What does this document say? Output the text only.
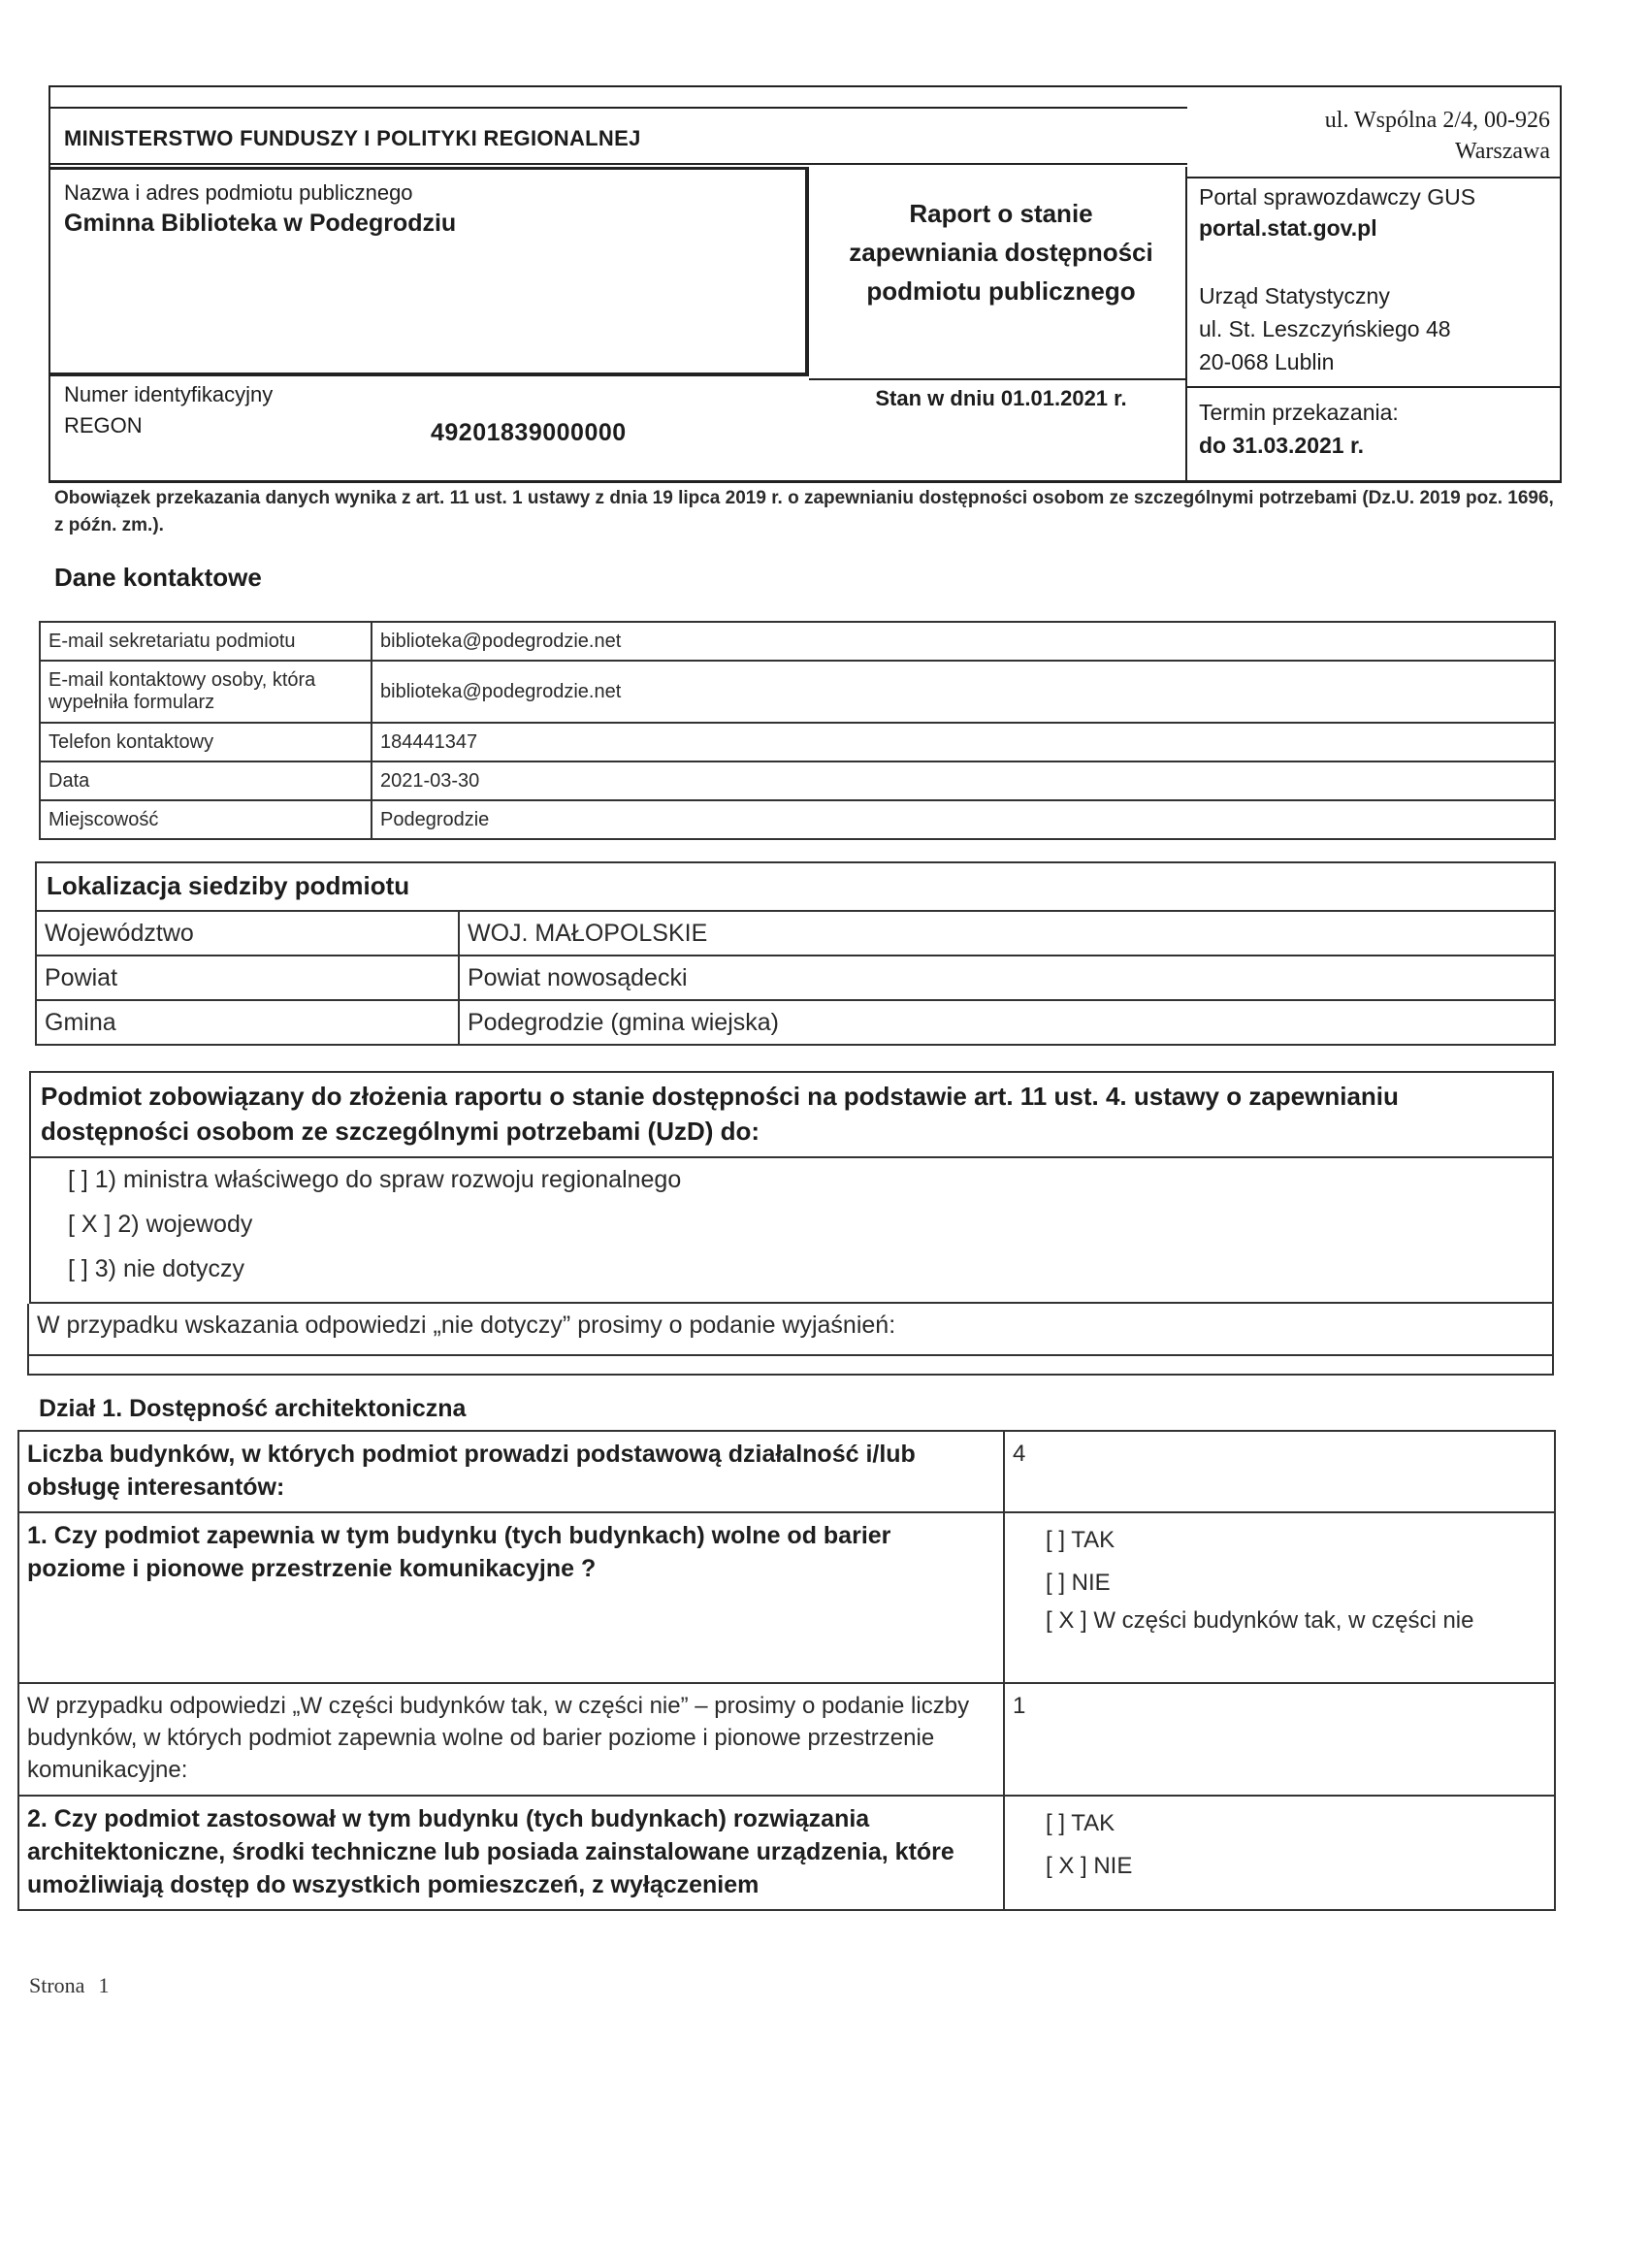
MINISTERSTWO FUNDUSZY I POLITYKI REGIONALNEJ
Nazwa i adres podmiotu publicznego
Gminna Biblioteka w Podegrodziu
Numer identyfikacyjny
REGON	49201839000000
Raport o stanie
zapewniania dostępności
podmiotu publicznego
Stan w dniu 01.01.2021 r.
ul. Wspólna 2/4, 00-926
Warszawa
Portal sprawozdawczy GUS
portal.stat.gov.pl
Urząd Statystyczny
ul. St. Leszczyńskiego 48
20-068 Lublin
Termin przekazania:
do 31.03.2021 r.
Obowiązek przekazania danych wynika z art. 11 ust. 1 ustawy z dnia 19 lipca 2019 r. o zapewnianiu dostępności osobom ze szczególnymi potrzebami (Dz.U. 2019 poz. 1696, z późn. zm.).
Dane kontaktowe
E-mail sekretariatu podmiotu	biblioteka@podegrodzie.net
E-mail kontaktowy osoby, która wypełniła formularz	biblioteka@podegrodzie.net
Telefon kontaktowy	184441347
Data	2021-03-30
Miejscowość	Podegrodzie
Lokalizacja siedziby podmiotu
Województwo	WOJ. MAŁOPOLSKIE
Powiat	Powiat nowosądecki
Gmina	Podegrodzie (gmina wiejska)
Podmiot zobowiązany do złożenia raportu o stanie dostępności na podstawie art. 11 ust. 4. ustawy o zapewnianiu dostępności osobom ze szczególnymi potrzebami (UzD) do:
[ ] 1) ministra właściwego do spraw rozwoju regionalnego
[ X ] 2) wojewody
[ ] 3) nie dotyczy
W przypadku wskazania odpowiedzi „nie dotyczy” prosimy o podanie wyjaśnień:
Dział 1. Dostępność architektoniczna
Liczba budynków, w których podmiot prowadzi podstawową działalność i/lub obsługę interesantów:	4
1. Czy podmiot zapewnia w tym budynku (tych budynkach) wolne od barier poziome i pionowe przestrzenie komunikacyjne ?	[ ] TAK
[ ] NIE
[ X ] W części budynków tak, w części nie

W przypadku odpowiedzi „W części budynków tak, w części nie” – prosimy o podanie liczby budynków, w których podmiot zapewnia wolne od barier poziome i pionowe przestrzenie komunikacyjne:	1
2. Czy podmiot zastosował w tym budynku (tych budynkach) rozwiązania architektoniczne, środki techniczne lub posiada zainstalowane urządzenia, które umożliwiają dostęp do wszystkich pomieszczeń, z wyłączeniem	[ ] TAK
[ X ] NIE
Strona 1
